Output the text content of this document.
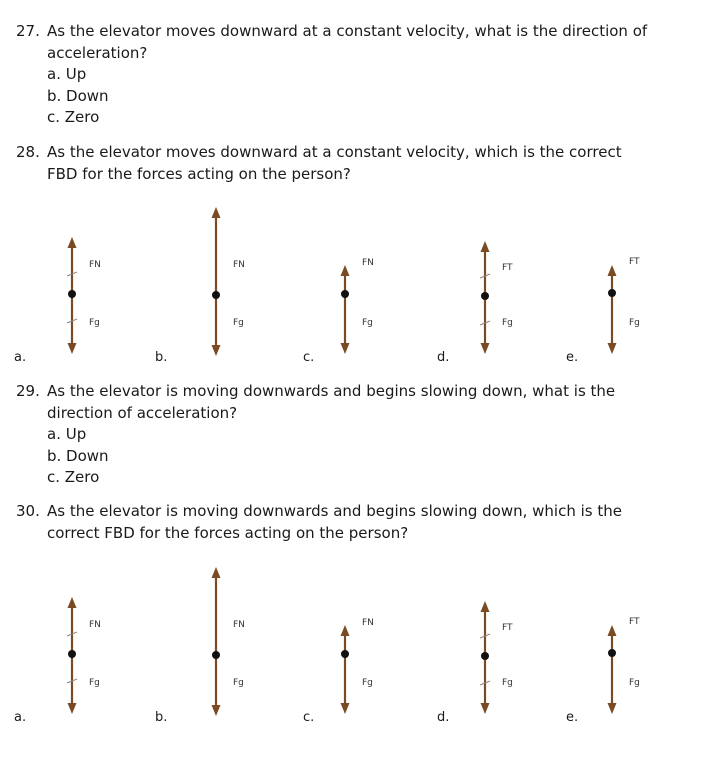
27. As the elevator moves downward at a constant velocity, what is the direction of
acceleration?
a. Up
b. Down
c. Zero
28. As the elevator moves downward at a constant velocity, which is the correct
FBD for the forces acting on the person?
FN
Fg
FN
Fg
FN
Fg
FT
Fg
FT
Fg
a.	b.	c.	d.	e.
29. As the elevator is moving downwards and begins slowing down, what is the
direction of acceleration?
a. Up
b. Down
c. Zero
30. As the elevator is moving downwards and begins slowing down, which is the
correct FBD for the forces acting on the person?
FN
Fg
FN
Fg
FN
Fg
FT
Fg
FT
Fg
a.	b.	c.	d.	e.
